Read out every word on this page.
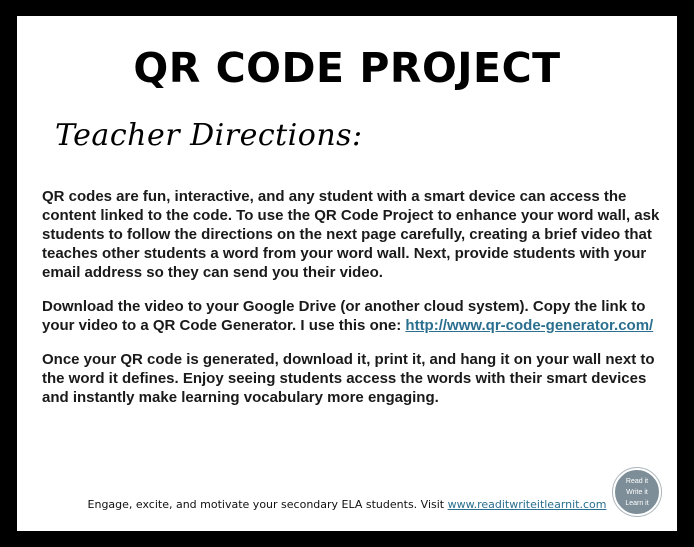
QR CODE PROJECT
Teacher Directions:

QR codes are fun, interactive, and any student with a smart device can access the content linked to the code. To use the QR Code Project to enhance your word wall, ask students to follow the directions on the next page carefully, creating a brief video that teaches other students a word from your word wall. Next, provide students with your email address so they can send you their video.

Download the video to your Google Drive (or another cloud system). Copy the link to your video to a QR Code Generator. I use this one: http://www.qr-code-generator.com/

Once your QR code is generated, download it, print it, and hang it on your wall next to the word it defines. Enjoy seeing students access the words with their smart devices and instantly make learning vocabulary more engaging.

Read it
Write it
Learn it
Engage, excite, and motivate your secondary ELA students. Visit www.readitwriteitlearnit.com
